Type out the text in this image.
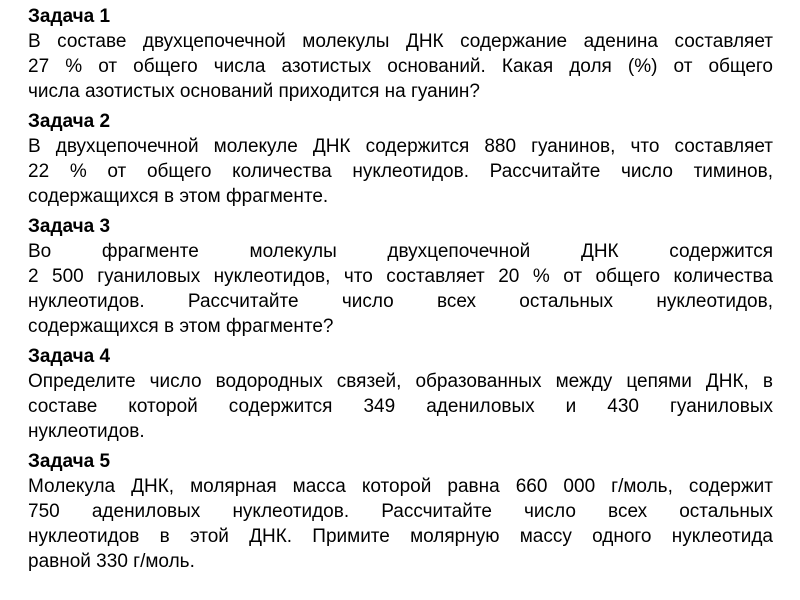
Задача 1
В составе двухцепочечной молекулы ДНК содержание аденина составляет
27 % от общего числа азотистых оснований. Какая доля (%) от общего
числа азотистых оснований приходится на гуанин?
Задача 2
В двухцепочечной молекуле ДНК содержится 880 гуанинов, что составляет
22 % от общего количества нуклеотидов. Рассчитайте число тиминов,
содержащихся в этом фрагменте.
Задача 3
Во фрагменте молекулы двухцепочечной ДНК содержится
2 500 гуаниловых нуклеотидов, что составляет 20 % от общего количества
нуклеотидов. Рассчитайте число всех остальных нуклеотидов,
содержащихся в этом фрагменте?
Задача 4
Определите число водородных связей, образованных между цепями ДНК, в
составе которой содержится 349 адениловых и 430 гуаниловых
нуклеотидов.
Задача 5
Молекула ДНК, молярная масса которой равна 660 000 г/моль, содержит
750 адениловых нуклеотидов. Рассчитайте число всех остальных
нуклеотидов в этой ДНК. Примите молярную массу одного нуклеотида
равной 330 г/моль.
